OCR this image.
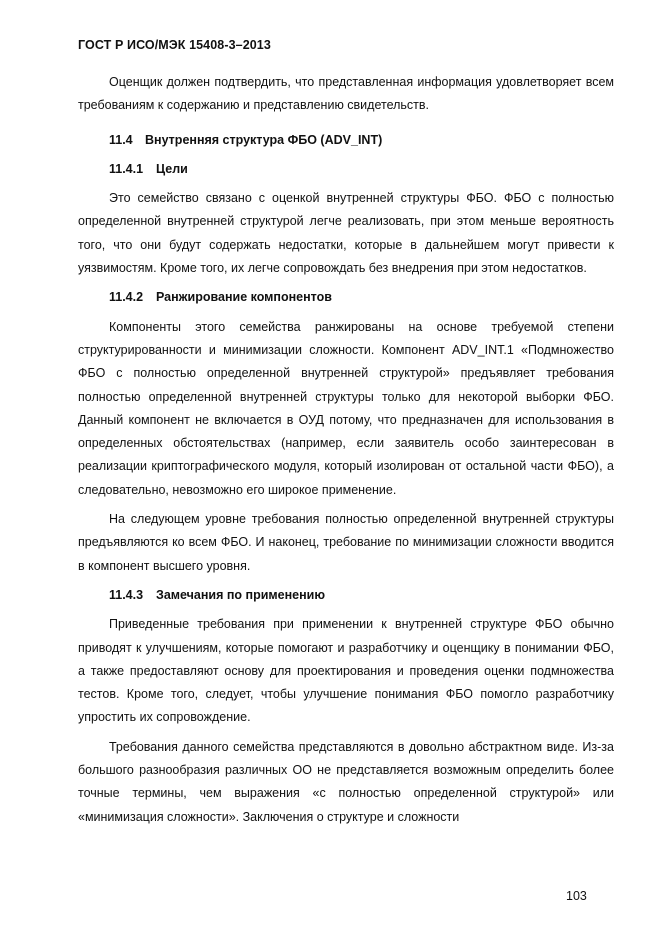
ГОСТ Р ИСО/МЭК 15408-3–2013

Оценщик должен подтвердить, что представленная информация удовлетворяет всем требованиям к содержанию и представлению свидетельств.

11.4 Внутренняя структура ФБО (ADV_INT)
11.4.1 Цели

Это семейство связано с оценкой внутренней структуры ФБО. ФБО с полностью определенной внутренней структурой легче реализовать, при этом меньше вероятность того, что они будут содержать недостатки, которые в дальнейшем могут привести к уязвимостям. Кроме того, их легче сопровождать без внедрения при этом недостатков.

11.4.2 Ранжирование компонентов

Компоненты этого семейства ранжированы на основе требуемой степени структурированности и минимизации сложности. Компонент ADV_INT.1 «Подмножество ФБО с полностью определенной внутренней структурой» предъявляет требования полностью определенной внутренней структуры только для некоторой выборки ФБО. Данный компонент не включается в ОУД потому, что предназначен для использования в определенных обстоятельствах (например, если заявитель особо заинтересован в реализации криптографического модуля, который изолирован от остальной части ФБО), а следовательно, невозможно его широкое применение.

На следующем уровне требования полностью определенной внутренней структуры предъявляются ко всем ФБО. И наконец, требование по минимизации сложности вводится в компонент высшего уровня.

11.4.3 Замечания по применению

Приведенные требования при применении к внутренней структуре ФБО обычно приводят к улучшениям, которые помогают и разработчику и оценщику в понимании ФБО, а также предоставляют основу для проектирования и проведения оценки подмножества тестов. Кроме того, следует, чтобы улучшение понимания ФБО помогло разработчику упростить их сопровождение.

Требования данного семейства представляются в довольно абстрактном виде. Из-за большого разнообразия различных ОО не представляется возможным определить более точные термины, чем выражения «с полностью определенной структурой» или «минимизация сложности». Заключения о структуре и сложности

103
